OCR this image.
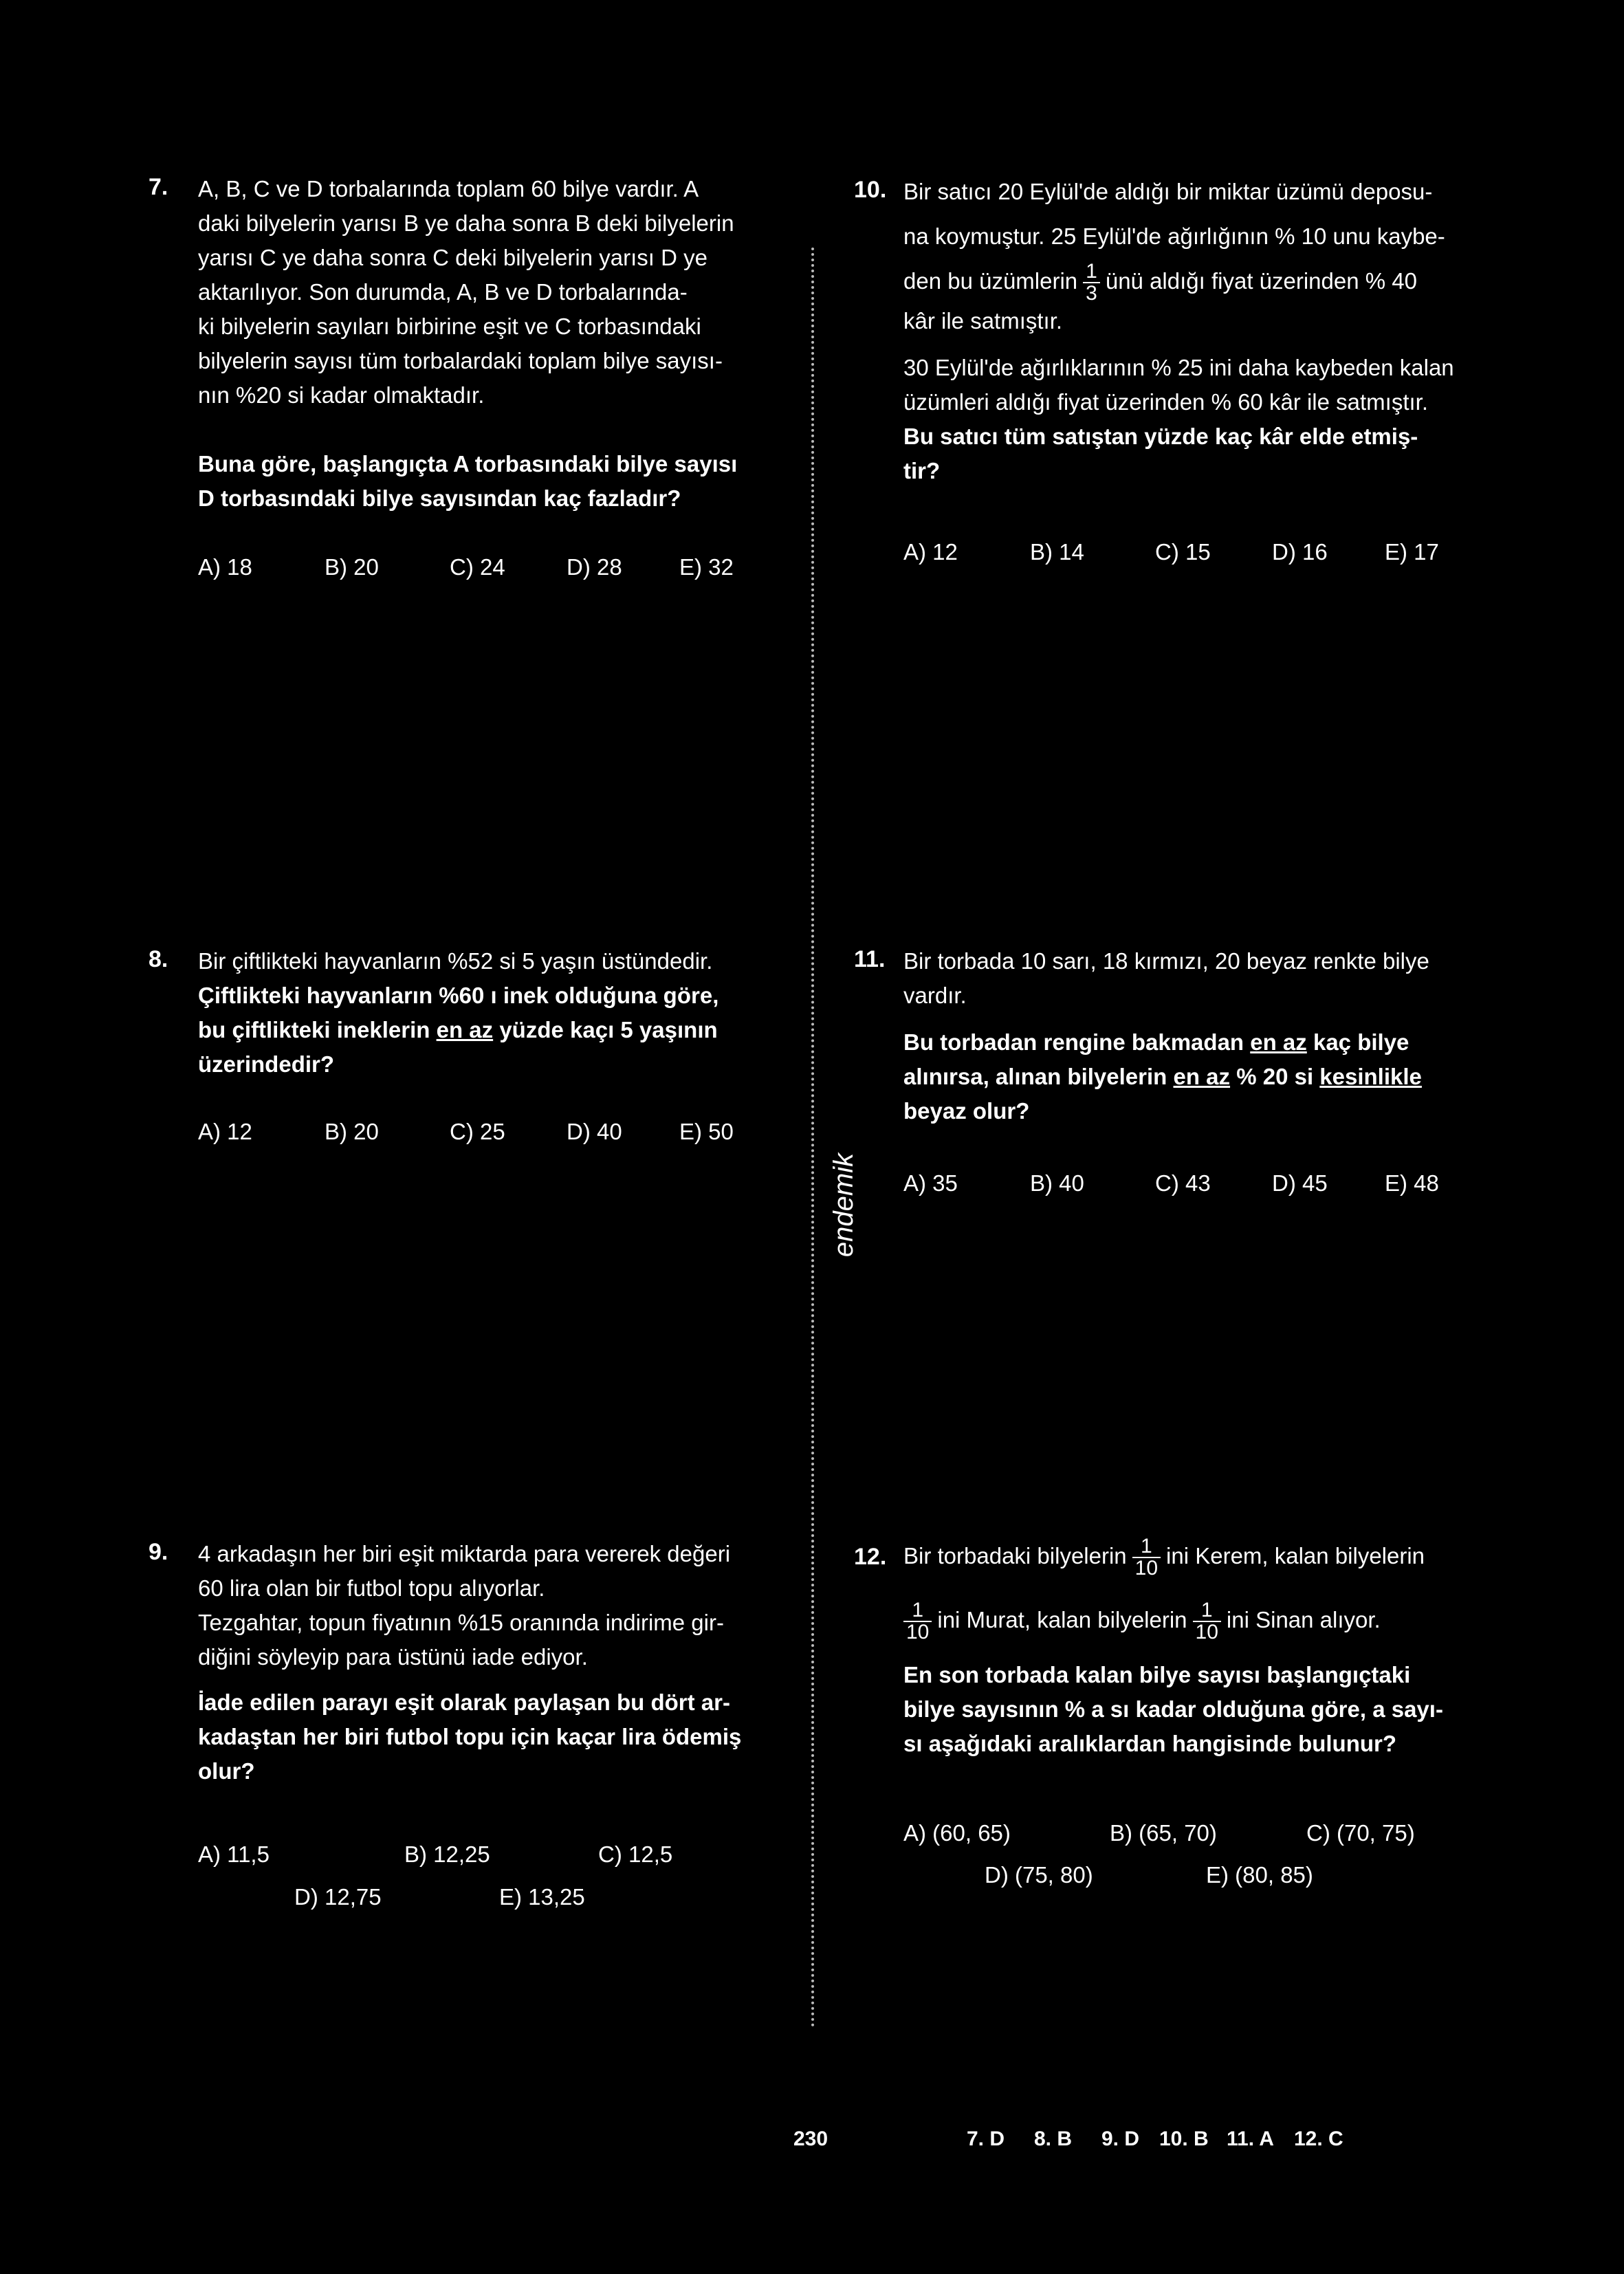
endemik
7. A, B, C ve D torbalarında toplam 60 bilye vardır. A

daki bilyelerin yarısı B ye daha sonra B deki bilyelerin

yarısı C ye daha sonra C deki bilyelerin yarısı D ye

aktarılıyor. Son durumda, A, B ve D torbalarında-

ki bilyelerin sayıları birbirine eşit ve C torbasındaki

bilyelerin sayısı tüm torbalardaki toplam bilye sayısı-

nın %20 si kadar olmaktadır.

Buna göre, başlangıçta A torbasındaki bilye sayısı

D torbasındaki bilye sayısından kaç fazladır?

A) 18	B) 20	C) 24	D) 28	E) 32
8. Bir çiftlikteki hayvanların %52 si 5 yaşın üstündedir.

Çiftlikteki hayvanların %60 ı inek olduğuna göre,

bu çiftlikteki ineklerin en az yüzde kaçı 5 yaşının

üzerindedir?

A) 12	B) 20	C) 25	D) 40	E) 50
9. 4 arkadaşın her biri eşit miktarda para vererek değeri

60 lira olan bir futbol topu alıyorlar.

Tezgahtar, topun fiyatının %15 oranında indirime gir-

diğini söyleyip para üstünü iade ediyor.

İade edilen parayı eşit olarak paylaşan bu dört ar-

kadaştan her biri futbol topu için kaçar lira ödemiş

olur?

A) 11,5	B) 12,25	C) 12,5
D) 12,75	E) 13,25
10. Bir satıcı 20 Eylül'de aldığı bir miktar üzümü deposu-

na koymuştur. 25 Eylül'de ağırlığının % 10 unu kaybe-

den bu üzümlerin $\frac{1}{3}$ ünü aldığı fiyat üzerinden % 40

kâr ile satmıştır.

30 Eylül'de ağırlıklarının % 25 ini daha kaybeden kalan

üzümleri aldığı fiyat üzerinden % 60 kâr ile satmıştır.

Bu satıcı tüm satıştan yüzde kaç kâr elde etmiş-

tir?

A) 12	B) 14	C) 15	D) 16	E) 17
11. Bir torbada 10 sarı, 18 kırmızı, 20 beyaz renkte bilye

vardır.

Bu torbadan rengine bakmadan en az kaç bilye

alınırsa, alınan bilyelerin en az % 20 si kesinlikle

beyaz olur?

A) 35	B) 40	C) 43	D) 45	E) 48
12. Bir torbadaki bilyelerin $\frac{1}{10}$ ini Kerem, kalan bilyelerin

$\frac{1}{10}$ ini Murat, kalan bilyelerin $\frac{1}{10}$ ini Sinan alıyor.

En son torbada kalan bilye sayısı başlangıçtaki

bilye sayısının % a sı kadar olduğuna göre, a sayı-

sı aşağıdaki aralıklardan hangisinde bulunur?

A) (60, 65)	B) (65, 70)	C) (70, 75)
D) (75, 80)	E) (80, 85)
230	7. D 8. B 9. D 10. B 11. A 12. C
